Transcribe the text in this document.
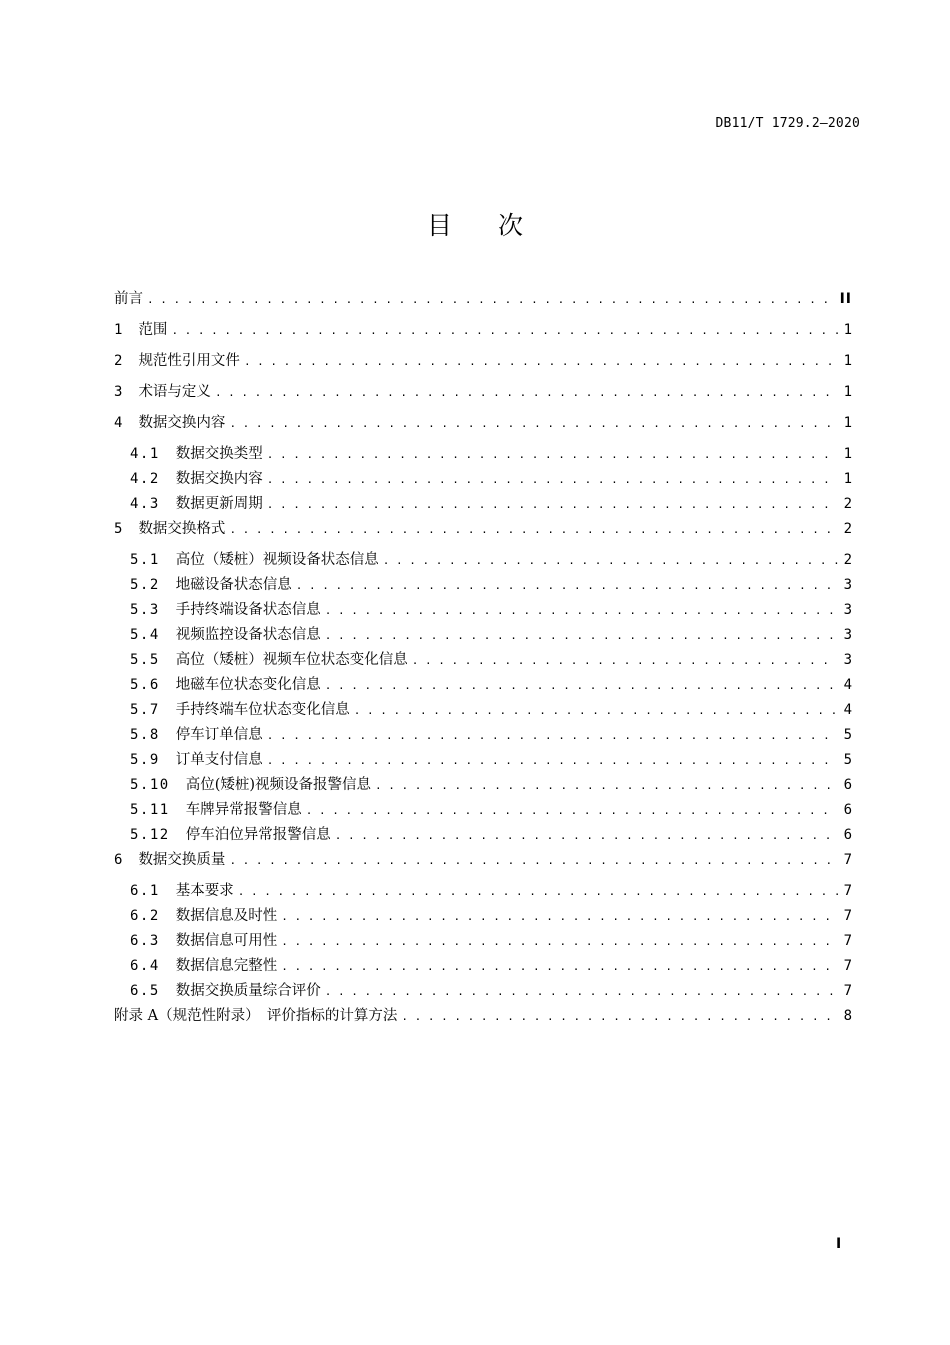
DB11/T 1729.2—2020
目次
前言 . . .	II
1 范围 . . .	1
2 规范性引用文件 . . .	1
3 术语与定义 . . .	1
4 数据交换内容 . . .	1
4.1 数据交换类型 . . .	1
4.2 数据交换内容 . . .	1
4.3 数据更新周期 . . .	2
5 数据交换格式 . . .	2
5.1 高位（矮桩）视频设备状态信息 . . .	2
5.2 地磁设备状态信息 . . .	3
5.3 手持终端设备状态信息 . . .	3
5.4 视频监控设备状态信息 . . .	3
5.5 高位（矮桩）视频车位状态变化信息 . . .	3
5.6 地磁车位状态变化信息 . . .	4
5.7 手持终端车位状态变化信息 . . .	4
5.8 停车订单信息 . . .	5
5.9 订单支付信息 . . .	5
5.10 高位(矮桩)视频设备报警信息 . . .	6
5.11 车牌异常报警信息 . . .	6
5.12 停车泊位异常报警信息 . . .	6
6 数据交换质量 . . .	7
6.1 基本要求 . . .	7
6.2 数据信息及时性 . . .	7
6.3 数据信息可用性 . . .	7
6.4 数据信息完整性 . . .	7
6.5 数据交换质量综合评价 . . .	7
附录 A（规范性附录）　评价指标的计算方法 . . .	8
I
